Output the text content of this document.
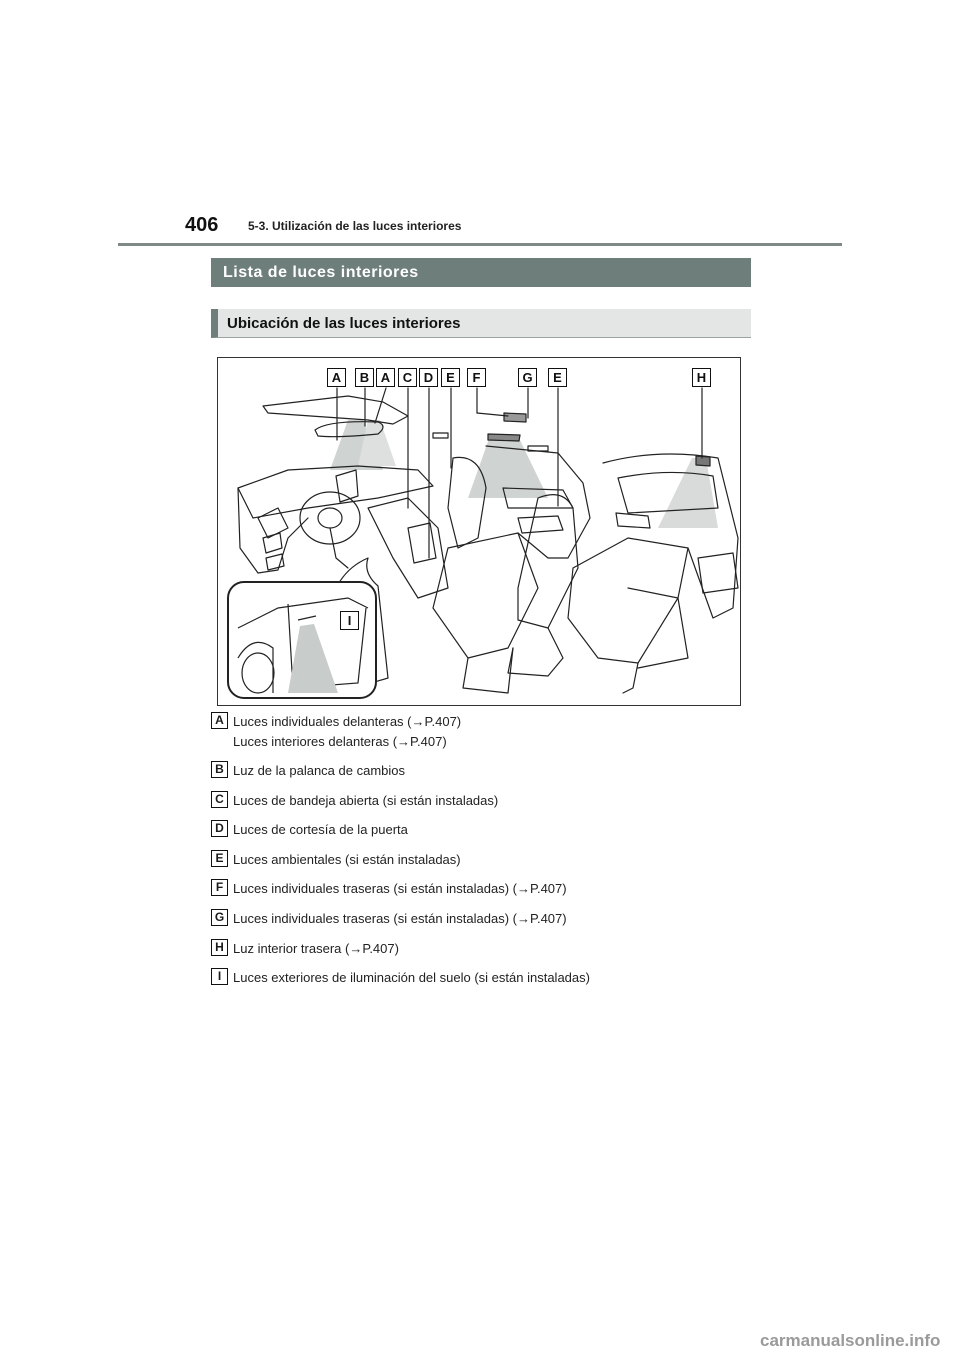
406 5-3. Utilización de las luces interiores
Lista de luces interiores
Ubicación de las luces interiores
A	B A C D E	F	G	E	H
I
A Luces individuales delanteras (→P.407)
Luces interiores delanteras (→P.407)
B Luz de la palanca de cambios
C Luces de bandeja abierta (si están instaladas)
D Luces de cortesía de la puerta
E Luces ambientales (si están instaladas)
F Luces individuales traseras (si están instaladas) (→P.407)
G Luces individuales traseras (si están instaladas) (→P.407)
H Luz interior trasera (→P.407)
I Luces exteriores de iluminación del suelo (si están instaladas)
carmanualsonline.info
